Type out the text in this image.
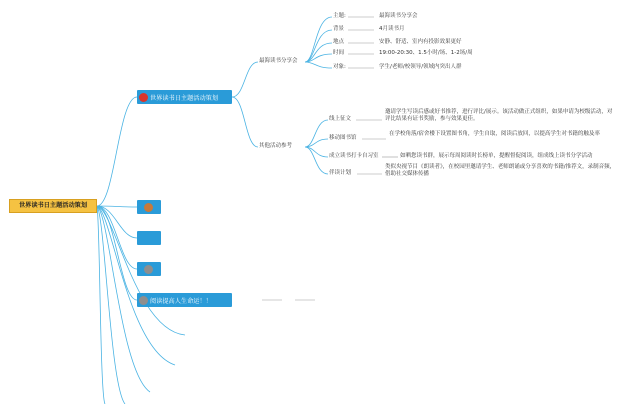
世界读书日主题活动策划
世界读书日主题活动策划
阅读提高人生命运！！
最海读书分享会
其他活动参考
主题:	最海读书分享会
背景	4月读书月
地点	安静、舒适、室内有投影效果更好
时间	19:00-20:30、1.5小时/场、1-2场/周
对象:	学生/老师/校领导/领域内突出人群
线上征文
邀请学生写读后感或好书推荐，进行评比/展示。该活动做正式组织，如果申请为校级活动，对评比结果有证书奖励，参与效果更佳。
移动图书馆
在学校角落/宿舍楼下设置图书角，学生自取，阅读后放回，以提高学生对书籍的触及率
成立读书打卡自习室	如晒您读书群，展示每周阅读时长榜单，提醒督促阅读，组成线上读书分学活动
伴读计划
类似央视节目《朗读者》，在校园里邀请学生、老师朗诵或分享喜欢的书籍/推荐文，录制音频，借助社交媒体传播
